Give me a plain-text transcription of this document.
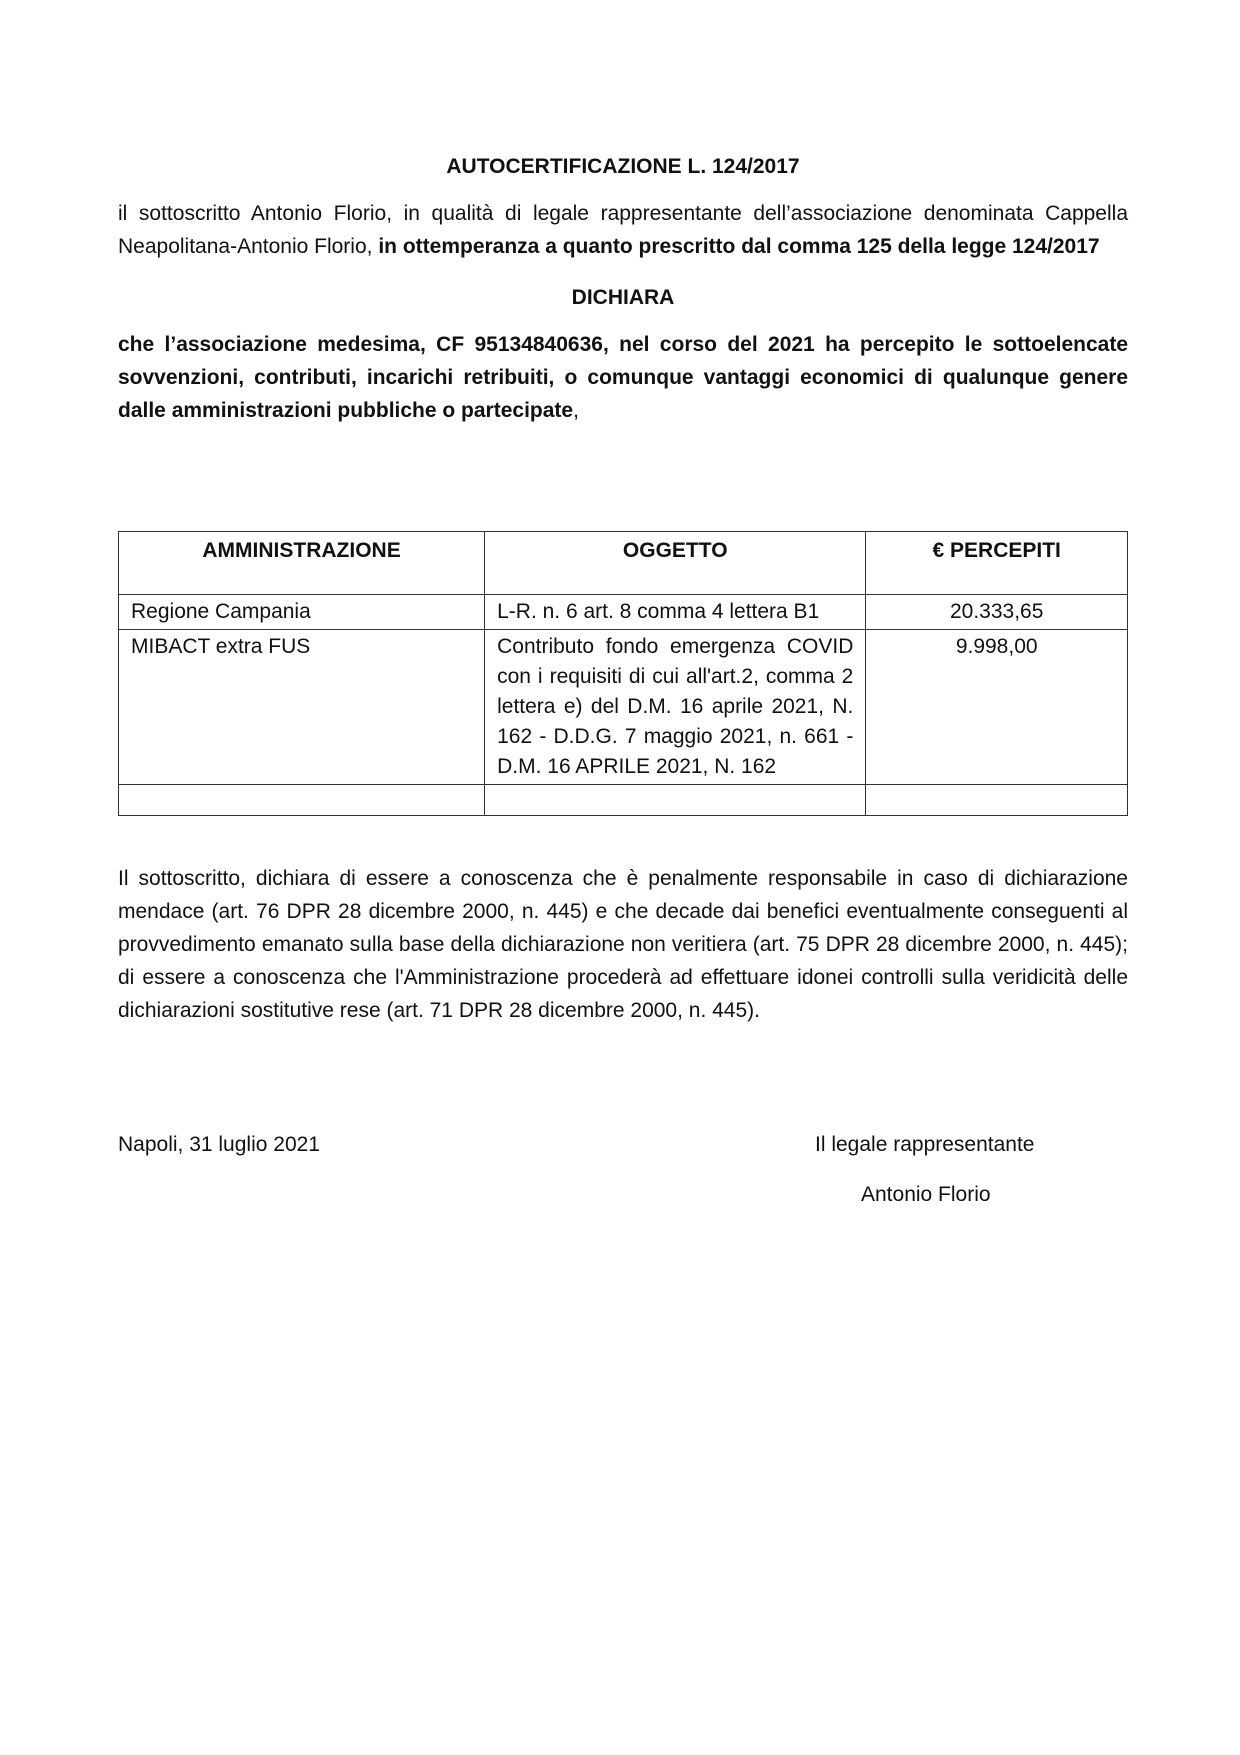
AUTOCERTIFICAZIONE L. 124/2017

il sottoscritto Antonio Florio, in qualità di legale rappresentante dell’associazione denominata Cappella Neapolitana-Antonio Florio, in ottemperanza a quanto prescritto dal comma 125 della legge 124/2017

DICHIARA

che l’associazione medesima, CF 95134840636, nel corso del 2021 ha percepito le sottoelencate sovvenzioni, contributi, incarichi retribuiti, o comunque vantaggi economici di qualunque genere dalle amministrazioni pubbliche o partecipate,

AMMINISTRAZIONE	OGGETTO	€ PERCEPITI
Regione Campania	L-R. n. 6 art. 8 comma 4 lettera B1	20.333,65
MIBACT extra FUS	Contributo fondo emergenza COVID con i requisiti di cui all'art.2, comma 2 lettera e) del D.M. 16 aprile 2021, N. 162 - D.D.G. 7 maggio 2021, n. 661 - D.M. 16 APRILE 2021, N. 162	9.998,00

Il sottoscritto, dichiara di essere a conoscenza che è penalmente responsabile in caso di dichiarazione mendace (art. 76 DPR 28 dicembre 2000, n. 445) e che decade dai benefici eventualmente conseguenti al provvedimento emanato sulla base della dichiarazione non veritiera (art. 75 DPR 28 dicembre 2000, n. 445); di essere a conoscenza che l'Amministrazione procederà ad effettuare idonei controlli sulla veridicità delle dichiarazioni sostitutive rese (art. 71 DPR 28 dicembre 2000, n. 445).

Napoli, 31 luglio 2021	Il legale rappresentante
Antonio Florio
